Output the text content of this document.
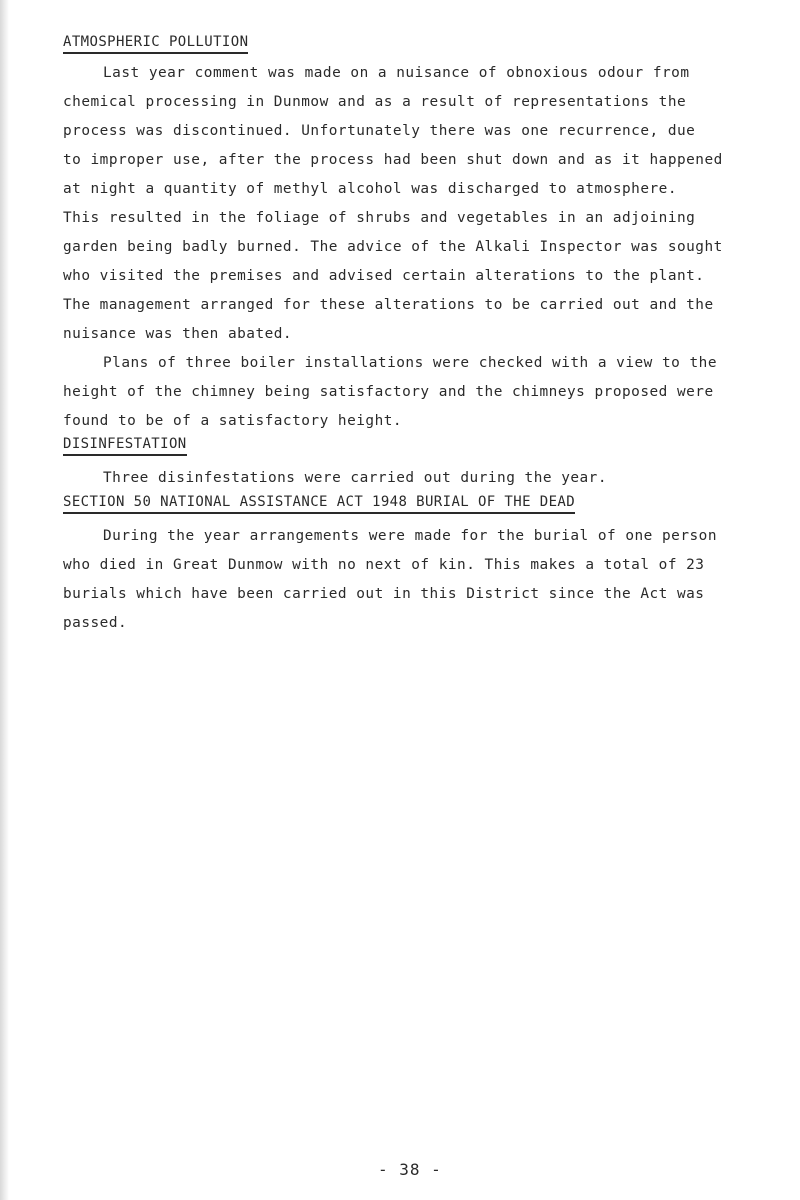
ATMOSPHERIC POLLUTION
Last year comment was made on a nuisance of obnoxious odour from
chemical processing in Dunmow and as a result of representations the
process was discontinued. Unfortunately there was one recurrence, due
to improper use, after the process had been shut down and as it happened
at night a quantity of methyl alcohol was discharged to atmosphere.
This resulted in the foliage of shrubs and vegetables in an adjoining
garden being badly burned. The advice of the Alkali Inspector was sought
who visited the premises and advised certain alterations to the plant.
The management arranged for these alterations to be carried out and the
nuisance was then abated.
Plans of three boiler installations were checked with a view to the
height of the chimney being satisfactory and the chimneys proposed were
found to be of a satisfactory height.
DISINFESTATION
Three disinfestations were carried out during the year.
SECTION 50 NATIONAL ASSISTANCE ACT 1948 BURIAL OF THE DEAD
During the year arrangements were made for the burial of one person
who died in Great Dunmow with no next of kin. This makes a total of 23
burials which have been carried out in this District since the Act was
passed.
- 38 -
